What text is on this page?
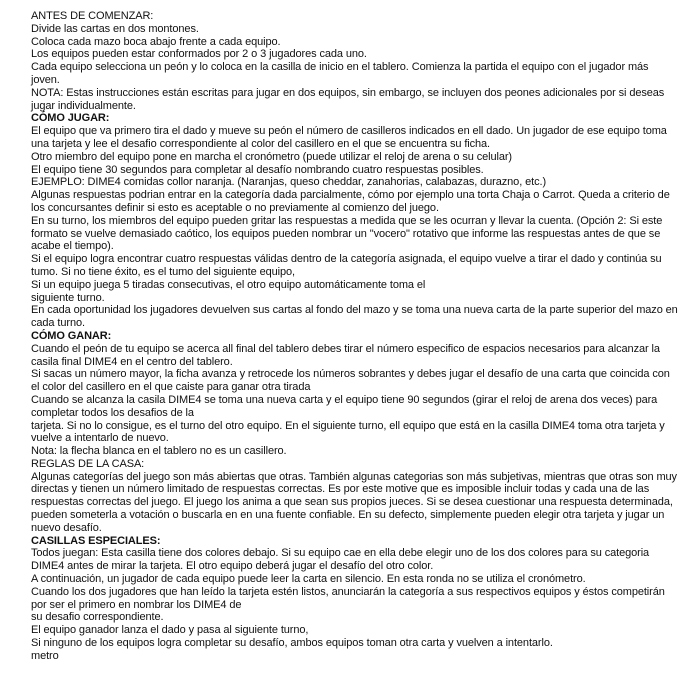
ANTES DE COMENZAR:

Divide las cartas en dos montones.

Coloca cada mazo boca abajo frente a cada equipo.

Los equipos pueden estar conformados por 2 o 3 jugadores cada uno.

Cada equipo selecciona un peón y lo coloca en la casilla de inicio en el tablero. Comienza la partida el equipo con el jugador más joven.

NOTA: Estas instrucciones están escritas para jugar en dos equipos, sin embargo, se incluyen dos peones adicionales por si deseas jugar individualmente.

CÓMO JUGAR:

El equipo que va primero tira el dado y mueve su peón el número de casilleros indicados en ell dado. Un jugador de ese equipo toma una tarjeta y lee el desafio correspondiente al color del casillero en el que se encuentra su ficha.

Otro miembro del equipo pone en marcha el cronómetro (puede utilizar el reloj de arena o su celular)

El equipo tiene 30 segundos para completar al desafío nombrando cuatro respuestas posibles.

EJEMPLO: DIME4 comidas collor naranja. (Naranjas, queso cheddar, zanahorias, calabazas, durazno, etc.)

Algunas respuestas podrian entrar en la categoría dada parcialmente, cómo por ejemplo una torta Chaja o Carrot. Queda a criterio de los concursantes definir si esto es aceptable o no previamente al comienzo del juego.

En su turno, los miembros del equipo pueden gritar las respuestas a medida que se les ocurran y llevar la cuenta. (Opción 2: Si este formato se vuelve demasiado caótico, los equipos pueden nombrar un "vocero" rotativo que informe las respuestas antes de que se acabe el tiempo).

Si el equipo logra encontrar cuatro respuestas válidas dentro de la categoría asignada, el equipo vuelve a tirar el dado y continúa su tumo. Si no tiene éxito, es el tumo del siguiente equipo,

Si un equipo juega 5 tiradas consecutivas, el otro equipo automáticamente toma el

siguiente turno.

En cada oportunidad los jugadores devuelven sus cartas al fondo del mazo y se toma una nueva carta de la parte superior del mazo en cada turno.

CÓMO GANAR:

Cuando el peón de tu equipo se acerca all final del tablero debes tirar el número especifico de espacios necesarios para alcanzar la casila final DIME4 en el centro del tablero.

Si sacas un número mayor, la ficha avanza y retrocede los números sobrantes y debes jugar el desafío de una carta que coincida con el color del casillero en el que caiste para ganar otra tirada

Cuando se alcanza la casila DIME4 se toma una nueva carta y el equipo tiene 90 segundos (girar el reloj de arena dos veces) para completar todos los desafios de la

tarjeta. Si no lo consigue, es el turno del otro equipo. En el siguiente turno, ell equipo que está en la casilla DIME4 toma otra tarjeta y vuelve a intentarlo de nuevo.

Nota: la flecha blanca en el tablero no es un casillero.

REGLAS DE LA CASA:

Algunas categorías del juego son más abiertas que otras. También algunas categorias son más subjetivas, mientras que otras son muy directas y tienen un número limitado de respuestas correctas. Es por este motive que es imposible incluir todas y cada una de las respuestas correctas del juego. El juego los anima a que sean sus propios jueces. Si se desea cuestionar una respuesta determinada, pueden someterla a votación o buscarla en en una fuente confiable. En su defecto, simplemente pueden elegir otra tarjeta y jugar un nuevo desafío.

CASILLAS ESPECIALES:

Todos juegan: Esta casilla tiene dos colores debajo. Si su equipo cae en ella debe elegir uno de los dos colores para su categoria DIME4 antes de mirar la tarjeta. El otro equipo deberá jugar el desafío del otro color.

A continuación, un jugador de cada equipo puede leer la carta en silencio. En esta ronda no se utiliza el cronómetro.

Cuando los dos jugadores que han leído la tarjeta estén listos, anunciarán la categoría a sus respectivos equipos y éstos competirán por ser el primero en nombrar los DIME4 de

su desafio correspondiente.

El equipo ganador lanza el dado y pasa al siguiente turno,

Si ninguno de los equipos logra completar su desafío, ambos equipos toman otra carta y vuelven a intentarlo.

metro
